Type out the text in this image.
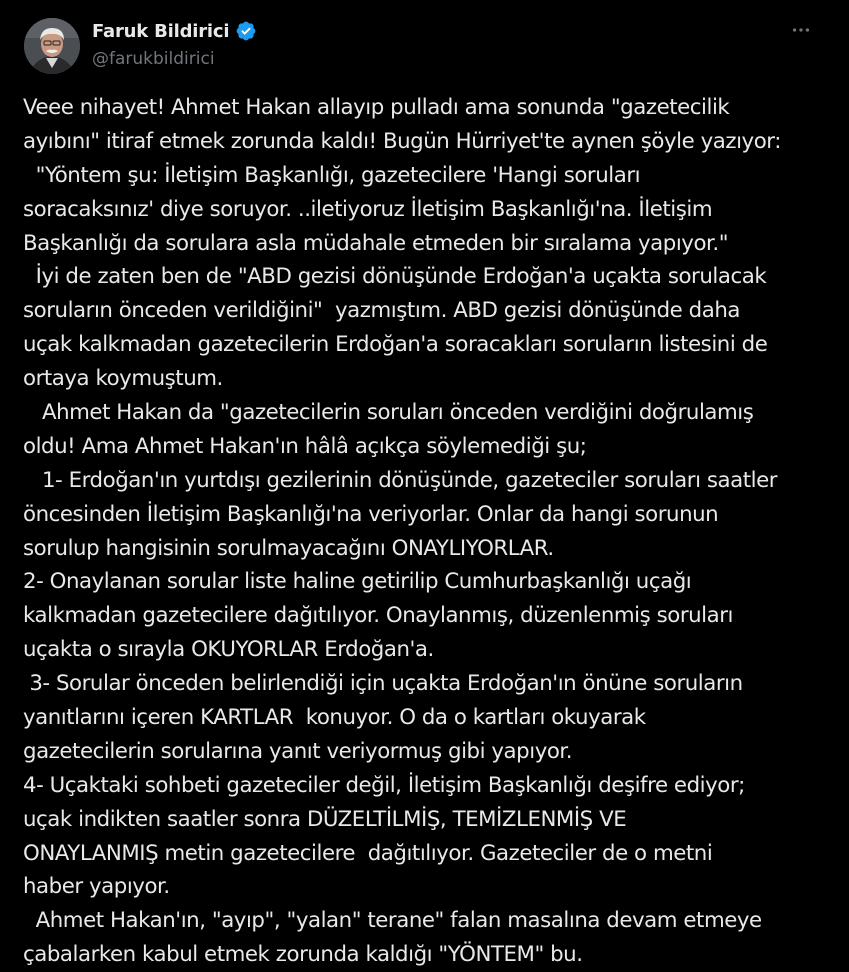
Faruk Bildirici
@farukbildirici
Veee nihayet! Ahmet Hakan allayıp pulladı ama sonunda "gazetecilik
ayıbını" itiraf etmek zorunda kaldı! Bugün Hürriyet'te aynen şöyle yazıyor:
"Yöntem şu: İletişim Başkanlığı, gazetecilere 'Hangi soruları
soracaksınız' diye soruyor. ..iletiyoruz İletişim Başkanlığı'na. İletişim
Başkanlığı da sorulara asla müdahale etmeden bir sıralama yapıyor."
İyi de zaten ben de "ABD gezisi dönüşünde Erdoğan'a uçakta sorulacak
soruların önceden verildiğini"  yazmıştım. ABD gezisi dönüşünde daha
uçak kalkmadan gazetecilerin Erdoğan'a soracakları soruların listesini de
ortaya koymuştum.
Ahmet Hakan da "gazetecilerin soruları önceden verdiğini doğrulamış
oldu! Ama Ahmet Hakan'ın hâlâ açıkça söylemediği şu;
1- Erdoğan'ın yurtdışı gezilerinin dönüşünde, gazeteciler soruları saatler
öncesinden İletişim Başkanlığı'na veriyorlar. Onlar da hangi sorunun
sorulup hangisinin sorulmayacağını ONAYLIYORLAR.
2- Onaylanan sorular liste haline getirilip Cumhurbaşkanlığı uçağı
kalkmadan gazetecilere dağıtılıyor. Onaylanmış, düzenlenmiş soruları
uçakta o sırayla OKUYORLAR Erdoğan'a.
3- Sorular önceden belirlendiği için uçakta Erdoğan'ın önüne soruların
yanıtlarını içeren KARTLAR  konuyor. O da o kartları okuyarak
gazetecilerin sorularına yanıt veriyormuş gibi yapıyor.
4- Uçaktaki sohbeti gazeteciler değil, İletişim Başkanlığı deşifre ediyor;
uçak indikten saatler sonra DÜZELTİLMİŞ, TEMİZLENMİŞ VE
ONAYLANMIŞ metin gazetecilere  dağıtılıyor. Gazeteciler de o metni
haber yapıyor.
Ahmet Hakan'ın, "ayıp", "yalan" terane" falan masalına devam etmeye
çabalarken kabul etmek zorunda kaldığı "YÖNTEM" bu.
